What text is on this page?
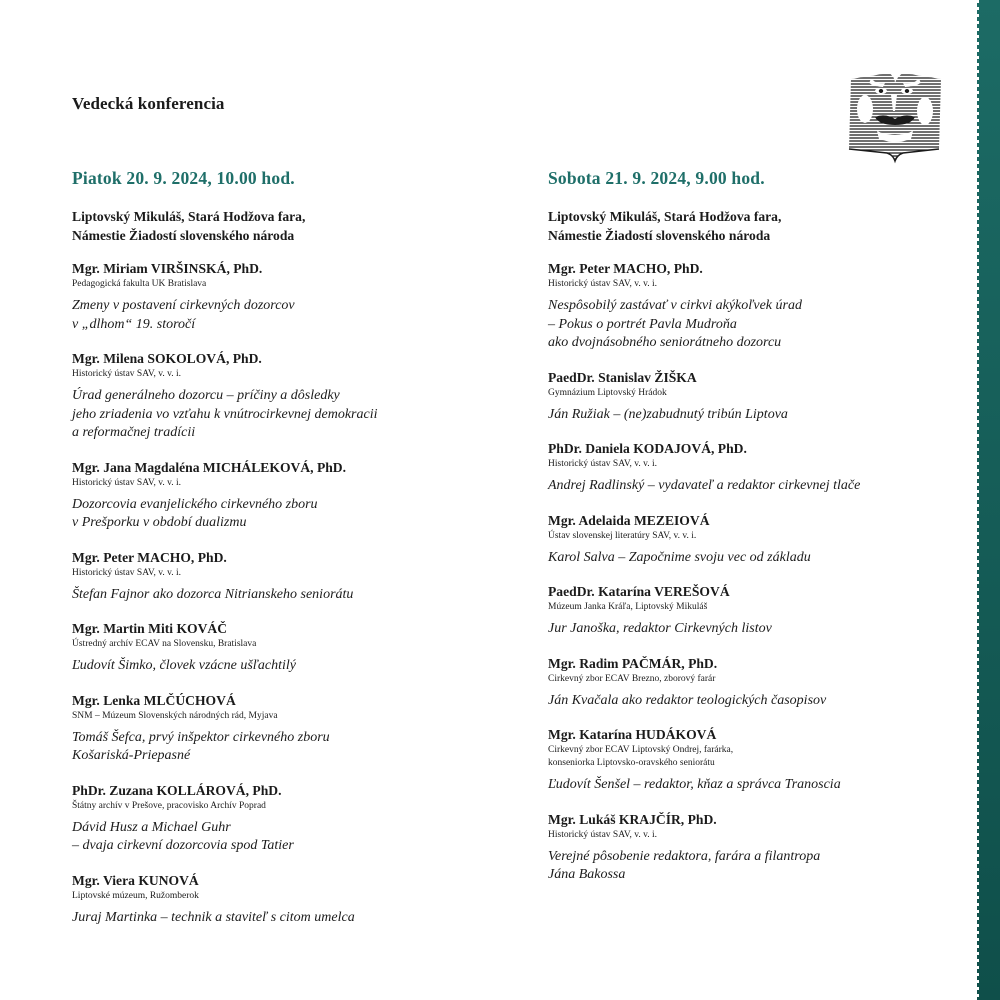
Vedecká konferencia
Piatok 20. 9. 2024, 10.00 hod.
Liptovský Mikuláš, Stará Hodžova fara,
Námestie Žiadostí slovenského národa
Mgr. Miriam VIRŠINSKÁ, PhD.
Pedagogická fakulta UK Bratislava
Zmeny v postavení cirkevných dozorcov
v „dlhom“ 19. storočí
Mgr. Milena SOKOLOVÁ, PhD.
Historický ústav SAV, v. v. i.
Úrad generálneho dozorcu – príčiny a dôsledky
jeho zriadenia vo vzťahu k vnútrocirkevnej demokracii
a reformačnej tradícii
Mgr. Jana Magdaléna MICHÁLEKOVÁ, PhD.
Historický ústav SAV, v. v. i.
Dozorcovia evanjelického cirkevného zboru
v Prešporku v období dualizmu
Mgr. Peter MACHO, PhD.
Historický ústav SAV, v. v. i.
Štefan Fajnor ako dozorca Nitrianskeho seniorátu
Mgr. Martin Miti KOVÁČ
Ústredný archív ECAV na Slovensku, Bratislava
Ľudovít Šimko, človek vzácne ušľachtilý
Mgr. Lenka MLČÚCHOVÁ
SNM – Múzeum Slovenských národných rád, Myjava
Tomáš Šefca, prvý inšpektor cirkevného zboru
Košariská-Priepasné
PhDr. Zuzana KOLLÁROVÁ, PhD.
Štátny archív v Prešove, pracovisko Archív Poprad
Dávid Husz a Michael Guhr
– dvaja cirkevní dozorcovia spod Tatier
Mgr. Viera KUNOVÁ
Liptovské múzeum, Ružomberok
Juraj Martinka – technik a staviteľ s citom umelca
Sobota 21. 9. 2024, 9.00 hod.
Liptovský Mikuláš, Stará Hodžova fara,
Námestie Žiadostí slovenského národa
Mgr. Peter MACHO, PhD.
Historický ústav SAV, v. v. i.
Nespôsobilý zastávať v cirkvi akýkoľvek úrad
– Pokus o portrét Pavla Mudroňa
ako dvojnásobného seniorátneho dozorcu
PaedDr. Stanislav ŽIŠKA
Gymnázium Liptovský Hrádok
Ján Ružiak – (ne)zabudnutý tribún Liptova
PhDr. Daniela KODAJOVÁ, PhD.
Historický ústav SAV, v. v. i.
Andrej Radlinský – vydavateľ a redaktor cirkevnej tlače
Mgr. Adelaida MEZEIOVÁ
Ústav slovenskej literatúry SAV, v. v. i.
Karol Salva – Započnime svoju vec od základu
PaedDr. Katarína VEREŠOVÁ
Múzeum Janka Kráľa, Liptovský Mikuláš
Jur Janoška, redaktor Cirkevných listov
Mgr. Radim PAČMÁR, PhD.
Cirkevný zbor ECAV Brezno, zborový farár
Ján Kvačala ako redaktor teologických časopisov
Mgr. Katarína HUDÁKOVÁ
Cirkevný zbor ECAV Liptovský Ondrej, farárka,
konseniorka Liptovsko-oravského seniorátu
Ľudovít Šenšel – redaktor, kňaz a správca Tranoscia
Mgr. Lukáš KRAJČÍR, PhD.
Historický ústav SAV, v. v. i.
Verejné pôsobenie redaktora, farára a filantropa
Jána Bakossa
